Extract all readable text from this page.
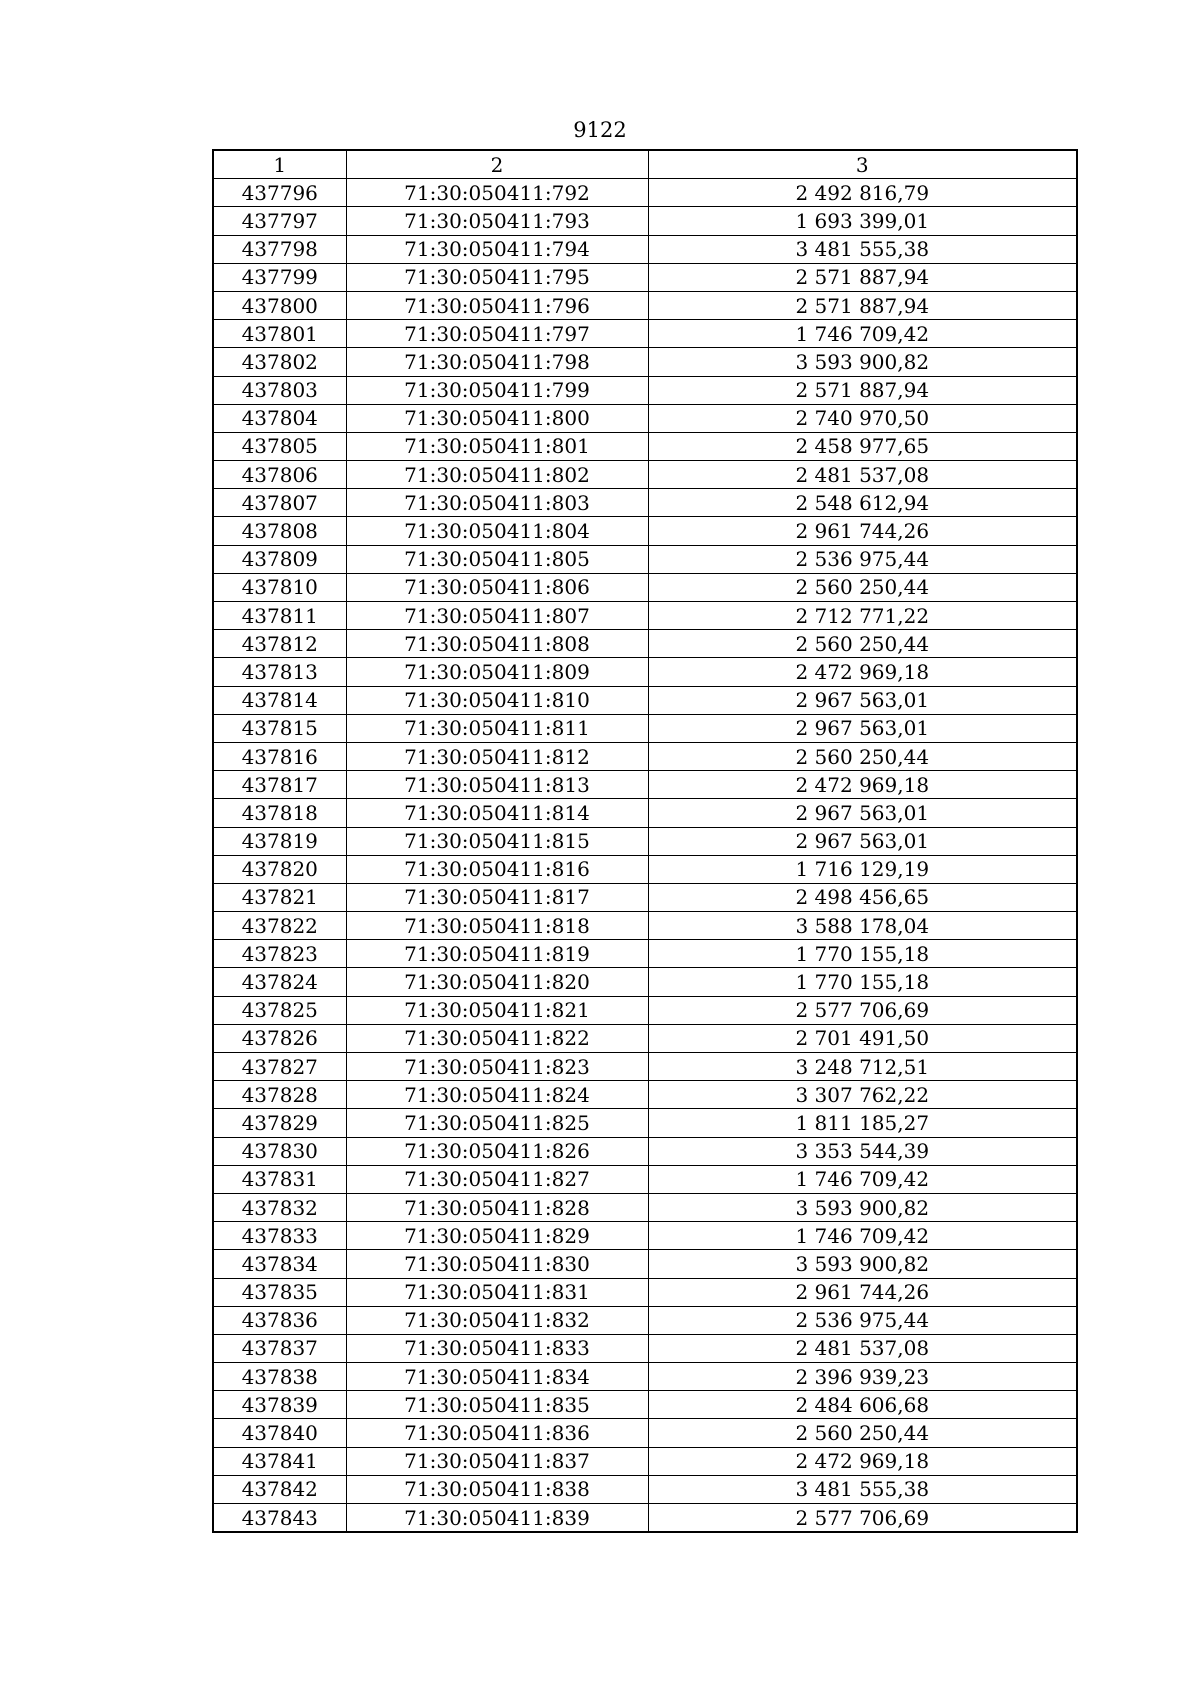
9122
1	2	3
437796	71:30:050411:792	2 492 816,79
437797	71:30:050411:793	1 693 399,01
437798	71:30:050411:794	3 481 555,38
437799	71:30:050411:795	2 571 887,94
437800	71:30:050411:796	2 571 887,94
437801	71:30:050411:797	1 746 709,42
437802	71:30:050411:798	3 593 900,82
437803	71:30:050411:799	2 571 887,94
437804	71:30:050411:800	2 740 970,50
437805	71:30:050411:801	2 458 977,65
437806	71:30:050411:802	2 481 537,08
437807	71:30:050411:803	2 548 612,94
437808	71:30:050411:804	2 961 744,26
437809	71:30:050411:805	2 536 975,44
437810	71:30:050411:806	2 560 250,44
437811	71:30:050411:807	2 712 771,22
437812	71:30:050411:808	2 560 250,44
437813	71:30:050411:809	2 472 969,18
437814	71:30:050411:810	2 967 563,01
437815	71:30:050411:811	2 967 563,01
437816	71:30:050411:812	2 560 250,44
437817	71:30:050411:813	2 472 969,18
437818	71:30:050411:814	2 967 563,01
437819	71:30:050411:815	2 967 563,01
437820	71:30:050411:816	1 716 129,19
437821	71:30:050411:817	2 498 456,65
437822	71:30:050411:818	3 588 178,04
437823	71:30:050411:819	1 770 155,18
437824	71:30:050411:820	1 770 155,18
437825	71:30:050411:821	2 577 706,69
437826	71:30:050411:822	2 701 491,50
437827	71:30:050411:823	3 248 712,51
437828	71:30:050411:824	3 307 762,22
437829	71:30:050411:825	1 811 185,27
437830	71:30:050411:826	3 353 544,39
437831	71:30:050411:827	1 746 709,42
437832	71:30:050411:828	3 593 900,82
437833	71:30:050411:829	1 746 709,42
437834	71:30:050411:830	3 593 900,82
437835	71:30:050411:831	2 961 744,26
437836	71:30:050411:832	2 536 975,44
437837	71:30:050411:833	2 481 537,08
437838	71:30:050411:834	2 396 939,23
437839	71:30:050411:835	2 484 606,68
437840	71:30:050411:836	2 560 250,44
437841	71:30:050411:837	2 472 969,18
437842	71:30:050411:838	3 481 555,38
437843	71:30:050411:839	2 577 706,69
